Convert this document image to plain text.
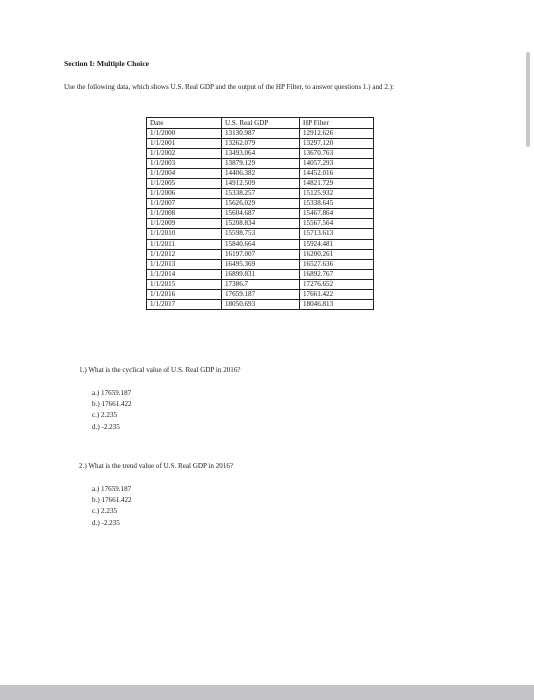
Section I: Multiple Choice
Use the following data, which shows U.S. Real GDP and the output of the HP Filter, to answer questions 1.) and 2.):
Date	U.S. Real GDP	HP Filter
1/1/2000	13130.987	12912.626
1/1/2001	13262.079	13297.120
1/1/2002	13493.064	13670.763
1/1/2003	13879.129	14057.293
1/1/2004	14406.382	14452.016
1/1/2005	14912.509	14821.729
1/1/2006	15338.257	15125.932
1/1/2007	15626.029	15338.645
1/1/2008	15604.687	15467.864
1/1/2009	15208.834	15567.564
1/1/2010	15598.753	15713.613
1/1/2011	15840.664	15924.481
1/1/2012	16197.007	16200.261
1/1/2013	16495.369	16527.636
1/1/2014	16899.831	16892.767
1/1/2015	17386.7	17276.652
1/1/2016	17659.187	17661.422
1/1/2017	18050.693	18046.813
1.) What is the cyclical value of U.S. Real GDP in 2016?
a.) 17659.187
b.) 17661.422
c.) 2.235
d.) -2.235
2.) What is the trend value of U.S. Real GDP in 2016?
a.) 17659.187
b.) 17661.422
c.) 2.235
d.) -2.235
